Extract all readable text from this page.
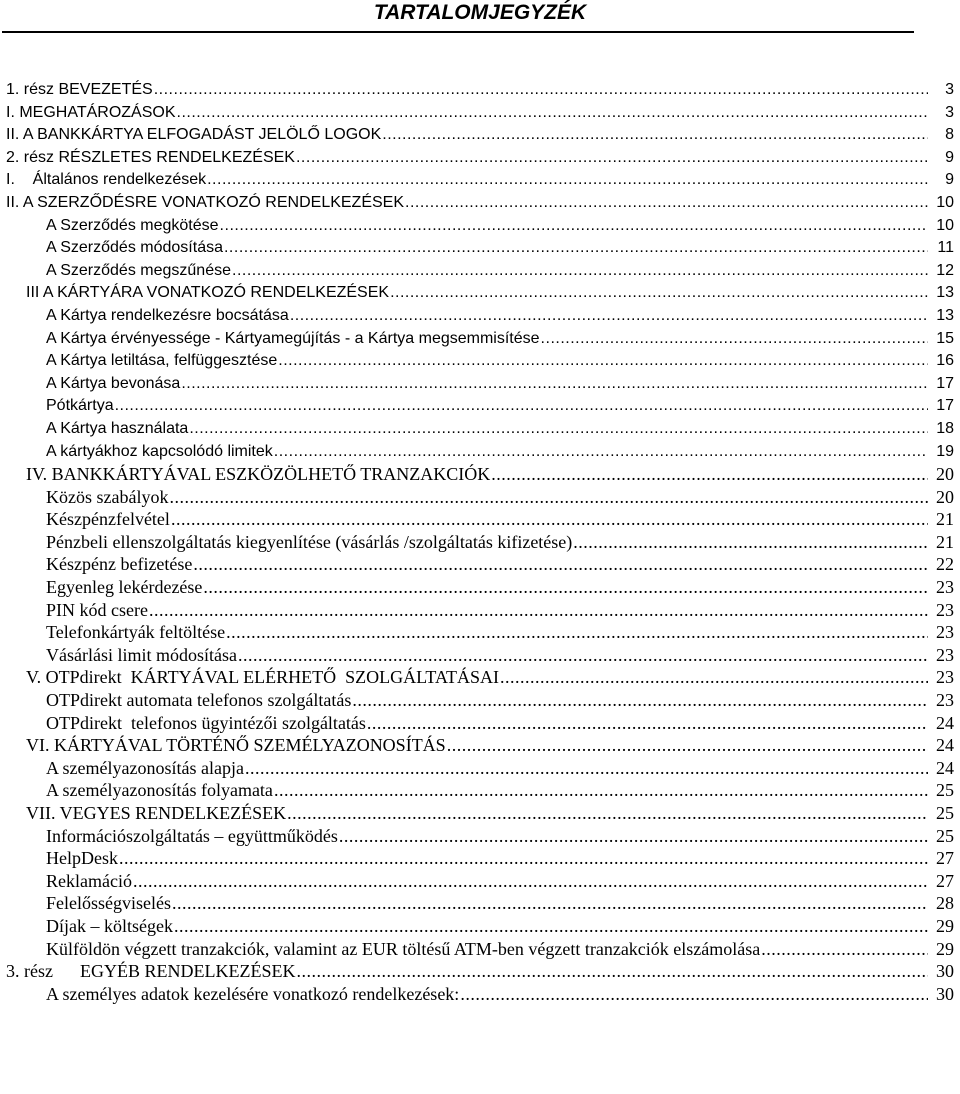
TARTALOMJEGYZÉK
1. rész BEVEZETÉS .....	3
I. MEGHATÁROZÁSOK .....	3
II. A BANKKÁRTYA ELFOGADÁST JELÖLŐ LOGOK .....	8
2. rész RÉSZLETES RENDELKEZÉSEK .....	9
I.    Általános rendelkezések .....	9
II. A SZERZŐDÉSRE VONATKOZÓ RENDELKEZÉSEK .....	10
A Szerződés megkötése .....	10
A Szerződés módosítása .....	11
A Szerződés megszűnése .....	12
III A KÁRTYÁRA VONATKOZÓ RENDELKEZÉSEK .....	13
A Kártya rendelkezésre bocsátása .....	13
A Kártya érvényessége - Kártyamegújítás - a Kártya megsemmisítése .....	15
A Kártya letiltása, felfüggesztése .....	16
A Kártya bevonása .....	17
Pótkártya .....	17
A Kártya használata .....	18
A kártyákhoz kapcsolódó limitek .....	19
IV. BANKKÁRTYÁVAL ESZKÖZÖLHETŐ TRANZAKCIÓK .....	20
Közös szabályok .....	20
Készpénzfelvétel .....	21
Pénzbeli ellenszolgáltatás kiegyenlítése (vásárlás /szolgáltatás kifizetése) .....	21
Készpénz befizetése .....	22
Egyenleg lekérdezése .....	23
PIN kód csere .....	23
Telefonkártyák feltöltése .....	23
Vásárlási limit módosítása .....	23
V. OTPdirekt  KÁRTYÁVAL ELÉRHETŐ  SZOLGÁLTATÁSAI .....	23
OTPdirekt automata telefonos szolgáltatás .....	23
OTPdirekt  telefonos ügyintézői szolgáltatás .....	24
VI. KÁRTYÁVAL TÖRTÉNŐ SZEMÉLYAZONOSÍTÁS .....	24
A személyazonosítás alapja .....	24
A személyazonosítás folyamata .....	25
VII. VEGYES RENDELKEZÉSEK .....	25
Információszolgáltatás – együttműködés .....	25
HelpDesk .....	27
Reklamáció .....	27
Felelősségviselés .....	28
Díjak – költségek .....	29
Külföldön végzett tranzakciók, valamint az EUR töltésű ATM-ben végzett tranzakciók elszámolása .....	29
3. rész      EGYÉB RENDELKEZÉSEK .....	30
A személyes adatok kezelésére vonatkozó rendelkezések: .....	30
